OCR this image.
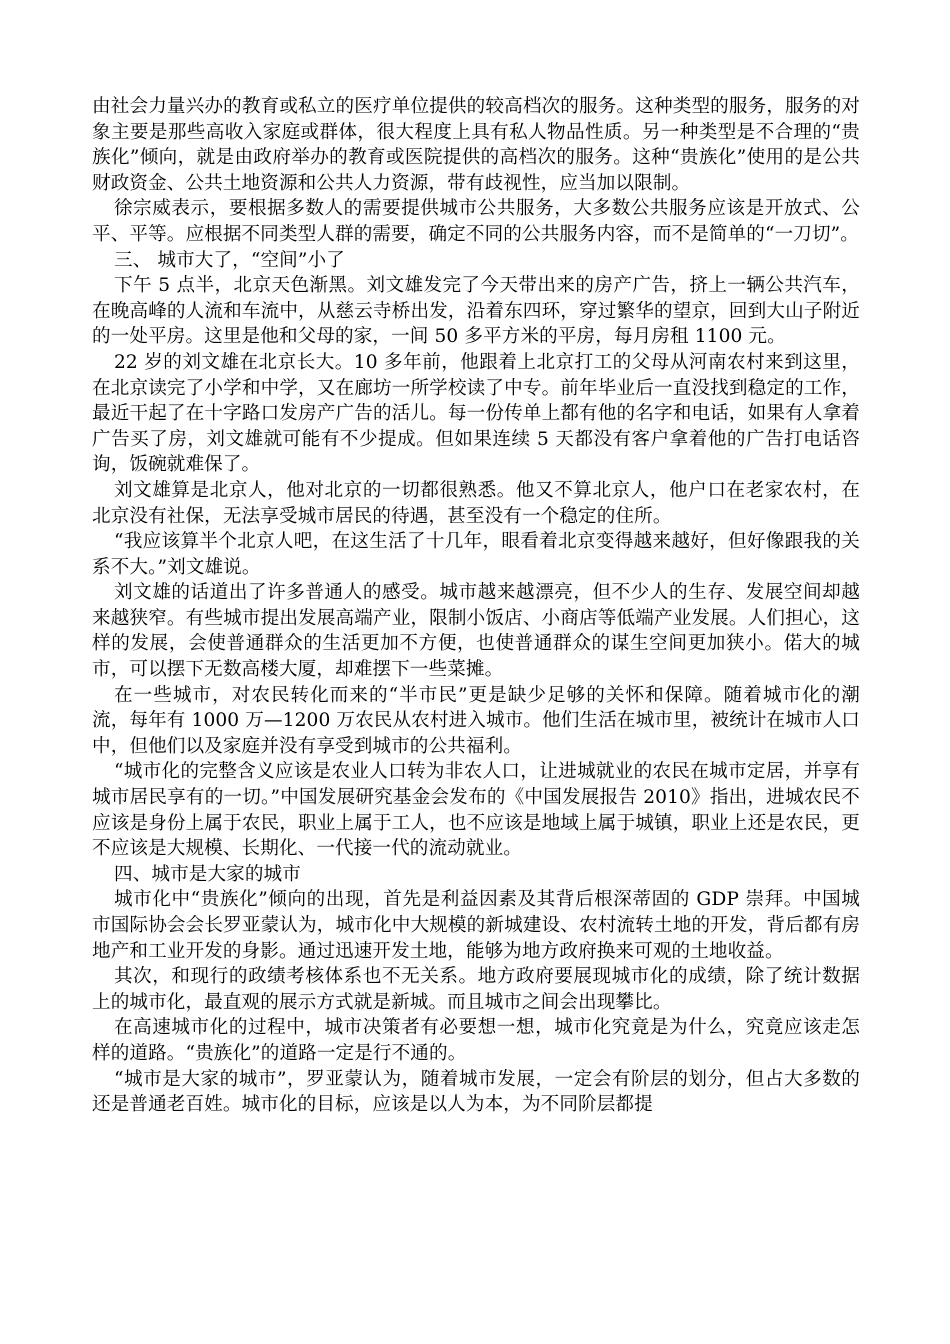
由社会力量兴办的教育或私立的医疗单位提供的较高档次的服务。这种类型的服务，服务的对象主要是那些高收入家庭或群体，很大程度上具有私人物品性质。另一种类型是不合理的“贵族化”倾向，就是由政府举办的教育或医院提供的高档次的服务。这种“贵族化”使用的是公共财政资金、公共土地资源和公共人力资源，带有歧视性，应当加以限制。

徐宗威表示，要根据多数人的需要提供城市公共服务，大多数公共服务应该是开放式、公平、平等。应根据不同类型人群的需要，确定不同的公共服务内容，而不是简单的“一刀切”。

三、 城市大了，“空间”小了

下午 5 点半，北京天色渐黑。刘文雄发完了今天带出来的房产广告，挤上一辆公共汽车，在晚高峰的人流和车流中，从慈云寺桥出发，沿着东四环，穿过繁华的望京，回到大山子附近的一处平房。这里是他和父母的家，一间 50 多平方米的平房，每月房租 1100 元。

22 岁的刘文雄在北京长大。10 多年前，他跟着上北京打工的父母从河南农村来到这里，在北京读完了小学和中学，又在廊坊一所学校读了中专。前年毕业后一直没找到稳定的工作，最近干起了在十字路口发房产广告的活儿。每一份传单上都有他的名字和电话，如果有人拿着广告买了房，刘文雄就可能有不少提成。但如果连续 5 天都没有客户拿着他的广告打电话咨询，饭碗就难保了。

刘文雄算是北京人，他对北京的一切都很熟悉。他又不算北京人，他户口在老家农村，在北京没有社保，无法享受城市居民的待遇，甚至没有一个稳定的住所。

“我应该算半个北京人吧，在这生活了十几年，眼看着北京变得越来越好，但好像跟我的关系不大。”刘文雄说。

刘文雄的话道出了许多普通人的感受。城市越来越漂亮，但不少人的生存、发展空间却越来越狭窄。有些城市提出发展高端产业，限制小饭店、小商店等低端产业发展。人们担心，这样的发展，会使普通群众的生活更加不方便，也使普通群众的谋生空间更加狭小。偌大的城市，可以摆下无数高楼大厦，却难摆下一些菜摊。

在一些城市，对农民转化而来的“半市民”更是缺少足够的关怀和保障。随着城市化的潮流，每年有 1000 万—1200 万农民从农村进入城市。他们生活在城市里，被统计在城市人口中，但他们以及家庭并没有享受到城市的公共福利。

“城市化的完整含义应该是农业人口转为非农人口，让进城就业的农民在城市定居，并享有城市居民享有的一切。”中国发展研究基金会发布的《中国发展报告 2010》指出，进城农民不应该是身份上属于农民，职业上属于工人，也不应该是地域上属于城镇，职业上还是农民，更不应该是大规模、长期化、一代接一代的流动就业。

四、城市是大家的城市

城市化中“贵族化”倾向的出现，首先是利益因素及其背后根深蒂固的 GDP 崇拜。中国城市国际协会会长罗亚蒙认为，城市化中大规模的新城建设、农村流转土地的开发，背后都有房地产和工业开发的身影。通过迅速开发土地，能够为地方政府换来可观的土地收益。

其次，和现行的政绩考核体系也不无关系。地方政府要展现城市化的成绩，除了统计数据上的城市化，最直观的展示方式就是新城。而且城市之间会出现攀比。

在高速城市化的过程中，城市决策者有必要想一想，城市化究竟是为什么，究竟应该走怎样的道路。“贵族化”的道路一定是行不通的。

“城市是大家的城市”，罗亚蒙认为，随着城市发展，一定会有阶层的划分，但占大多数的还是普通老百姓。城市化的目标，应该是以人为本，为不同阶层都提
